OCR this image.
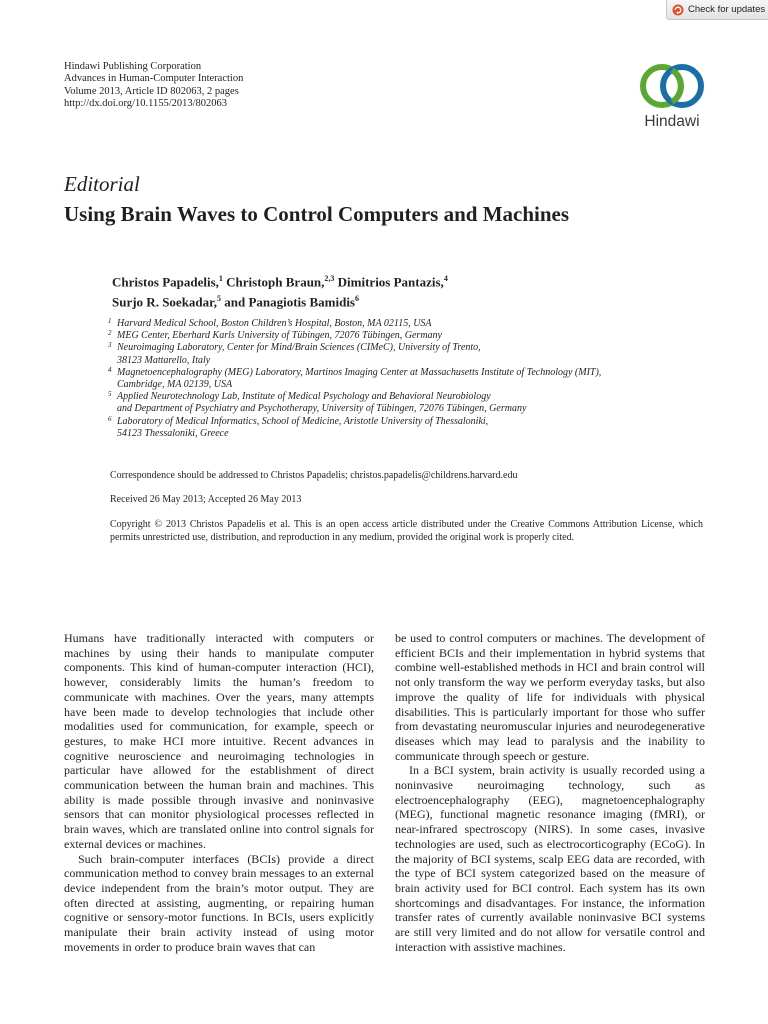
Check for updates
Hindawi Publishing Corporation
Advances in Human-Computer Interaction
Volume 2013, Article ID 802063, 2 pages
http://dx.doi.org/10.1155/2013/802063
Hindawi
Editorial
Using Brain Waves to Control Computers and Machines
Christos Papadelis,$^1$ Christoph Braun,$^{2,3}$ Dimitrios Pantazis,$^4$
Surjo R. Soekadar,$^5$ and Panagiotis Bamidis$^6$
1 Harvard Medical School, Boston Children’s Hospital, Boston, MA 02115, USA
2 MEG Center, Eberhard Karls University of Tübingen, 72076 Tübingen, Germany
3 Neuroimaging Laboratory, Center for Mind/Brain Sciences (CIMeC), University of Trento,
38123 Mattarello, Italy
4 Magnetoencephalography (MEG) Laboratory, Martinos Imaging Center at Massachusetts Institute of Technology (MIT),
Cambridge, MA 02139, USA
5 Applied Neurotechnology Lab, Institute of Medical Psychology and Behavioral Neurobiology
and Department of Psychiatry and Psychotherapy, University of Tübingen, 72076 Tübingen, Germany
6 Laboratory of Medical Informatics, School of Medicine, Aristotle University of Thessaloniki,
54123 Thessaloniki, Greece
Correspondence should be addressed to Christos Papadelis; christos.papadelis@childrens.harvard.edu
Received 26 May 2013; Accepted 26 May 2013
Copyright © 2013 Christos Papadelis et al. This is an open access article distributed under the Creative Commons Attribution License, which permits unrestricted use, distribution, and reproduction in any medium, provided the original work is properly cited.

Humans have traditionally interacted with computers or machines by using their hands to manipulate computer components. This kind of human-computer interaction (HCI), however, considerably limits the human’s freedom to communicate with machines. Over the years, many attempts have been made to develop technologies that include other modalities used for communication, for example, speech or gestures, to make HCI more intuitive. Recent advances in cognitive neuroscience and neuroimaging technologies in particular have allowed for the establishment of direct communication between the human brain and machines. This ability is made possible through invasive and noninvasive sensors that can monitor physiological processes reflected in brain waves, which are translated online into control signals for external devices or machines.

Such brain-computer interfaces (BCIs) provide a direct communication method to convey brain messages to an external device independent from the brain’s motor output. They are often directed at assisting, augmenting, or repairing human cognitive or sensory-motor functions. In BCIs, users explicitly manipulate their brain activity instead of using motor movements in order to produce brain waves that can

be used to control computers or machines. The development of efficient BCIs and their implementation in hybrid systems that combine well-established methods in HCI and brain control will not only transform the way we perform everyday tasks, but also improve the quality of life for individuals with physical disabilities. This is particularly important for those who suffer from devastating neuromuscular injuries and neurodegenerative diseases which may lead to paralysis and the inability to communicate through speech or gesture.

In a BCI system, brain activity is usually recorded using a noninvasive neuroimaging technology, such as electroencephalography (EEG), magnetoencephalography (MEG), functional magnetic resonance imaging (fMRI), or near-infrared spectroscopy (NIRS). In some cases, invasive technologies are used, such as electrocorticography (ECoG). In the majority of BCI systems, scalp EEG data are recorded, with the type of BCI system categorized based on the measure of brain activity used for BCI control. Each system has its own shortcomings and disadvantages. For instance, the information transfer rates of currently available noninvasive BCI systems are still very limited and do not allow for versatile control and interaction with assistive machines.
